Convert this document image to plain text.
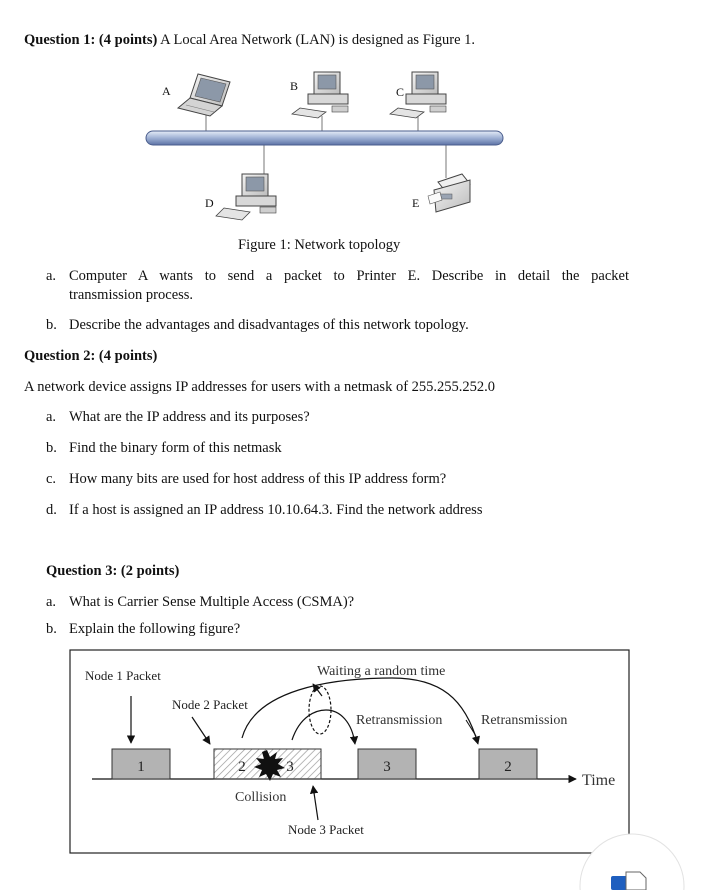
Question 1: (4 points) A Local Area Network (LAN) is designed as Figure 1.
A	B	C
D	E
Figure 1: Network topology
a. Computer A wants to send a packet to Printer E. Describe in detail the packet
transmission process.
b. Describe the advantages and disadvantages of this network topology.
Question 2: (4 points)
A network device assigns IP addresses for users with a netmask of 255.255.252.0
a. What are the IP address and its purposes?
b. Find the binary form of this netmask
c. How many bits are used for host address of this IP address form?
d. If a host is assigned an IP address 10.10.64.3. Find the network address
Question 3: (2 points)
a. What is Carrier Sense Multiple Access (CSMA)?
b. Explain the following figure?
Node 1 Packet
Node 2 Packet
Waiting a random time
Retransmission	Retransmission
Collision
Node 3 Packet
Time
1	2	3	3	2
